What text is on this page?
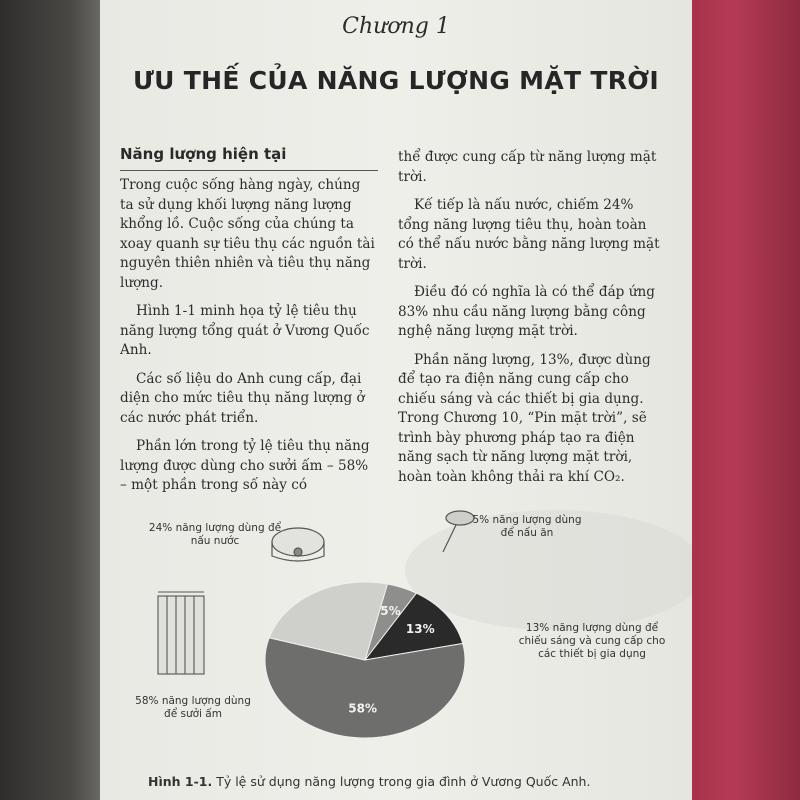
Chương 1
ƯU THẾ CỦA NĂNG LƯỢNG MẶT TRỜI
Năng lượng hiện tại

Trong cuộc sống hàng ngày, chúng ta sử dụng khối lượng năng lượng khổng lồ. Cuộc sống của chúng ta xoay quanh sự tiêu thụ các nguồn tài nguyên thiên nhiên và tiêu thụ năng lượng.

Hình 1-1 minh họa tỷ lệ tiêu thụ năng lượng tổng quát ở Vương Quốc Anh.

Các số liệu do Anh cung cấp, đại diện cho mức tiêu thụ năng lượng ở các nước phát triển.

Phần lớn trong tỷ lệ tiêu thụ năng lượng được dùng cho sưởi ấm – 58% – một phần trong số này có

thể được cung cấp từ năng lượng mặt trời.

Kế tiếp là nấu nước, chiếm 24% tổng năng lượng tiêu thụ, hoàn toàn có thể nấu nước bằng năng lượng mặt trời.

Điều đó có nghĩa là có thể đáp ứng 83% nhu cầu năng lượng bằng công nghệ năng lượng mặt trời.

Phần năng lượng, 13%, được dùng để tạo ra điện năng cung cấp cho chiếu sáng và các thiết bị gia dụng. Trong Chương 10, “Pin mặt trời”, sẽ trình bày phương pháp tạo ra điện năng sạch từ năng lượng mặt trời, hoàn toàn không thải ra khí CO₂.

5%
13%
58%
24% năng lượng dùng để nấu nước
5% năng lượng dùng để nấu ăn
13% năng lượng dùng để chiếu sáng và cung cấp cho các thiết bị gia dụng
58% năng lượng dùng để sưởi ấm
Hình 1-1. Tỷ lệ sử dụng năng lượng trong gia đình ở Vương Quốc Anh.
